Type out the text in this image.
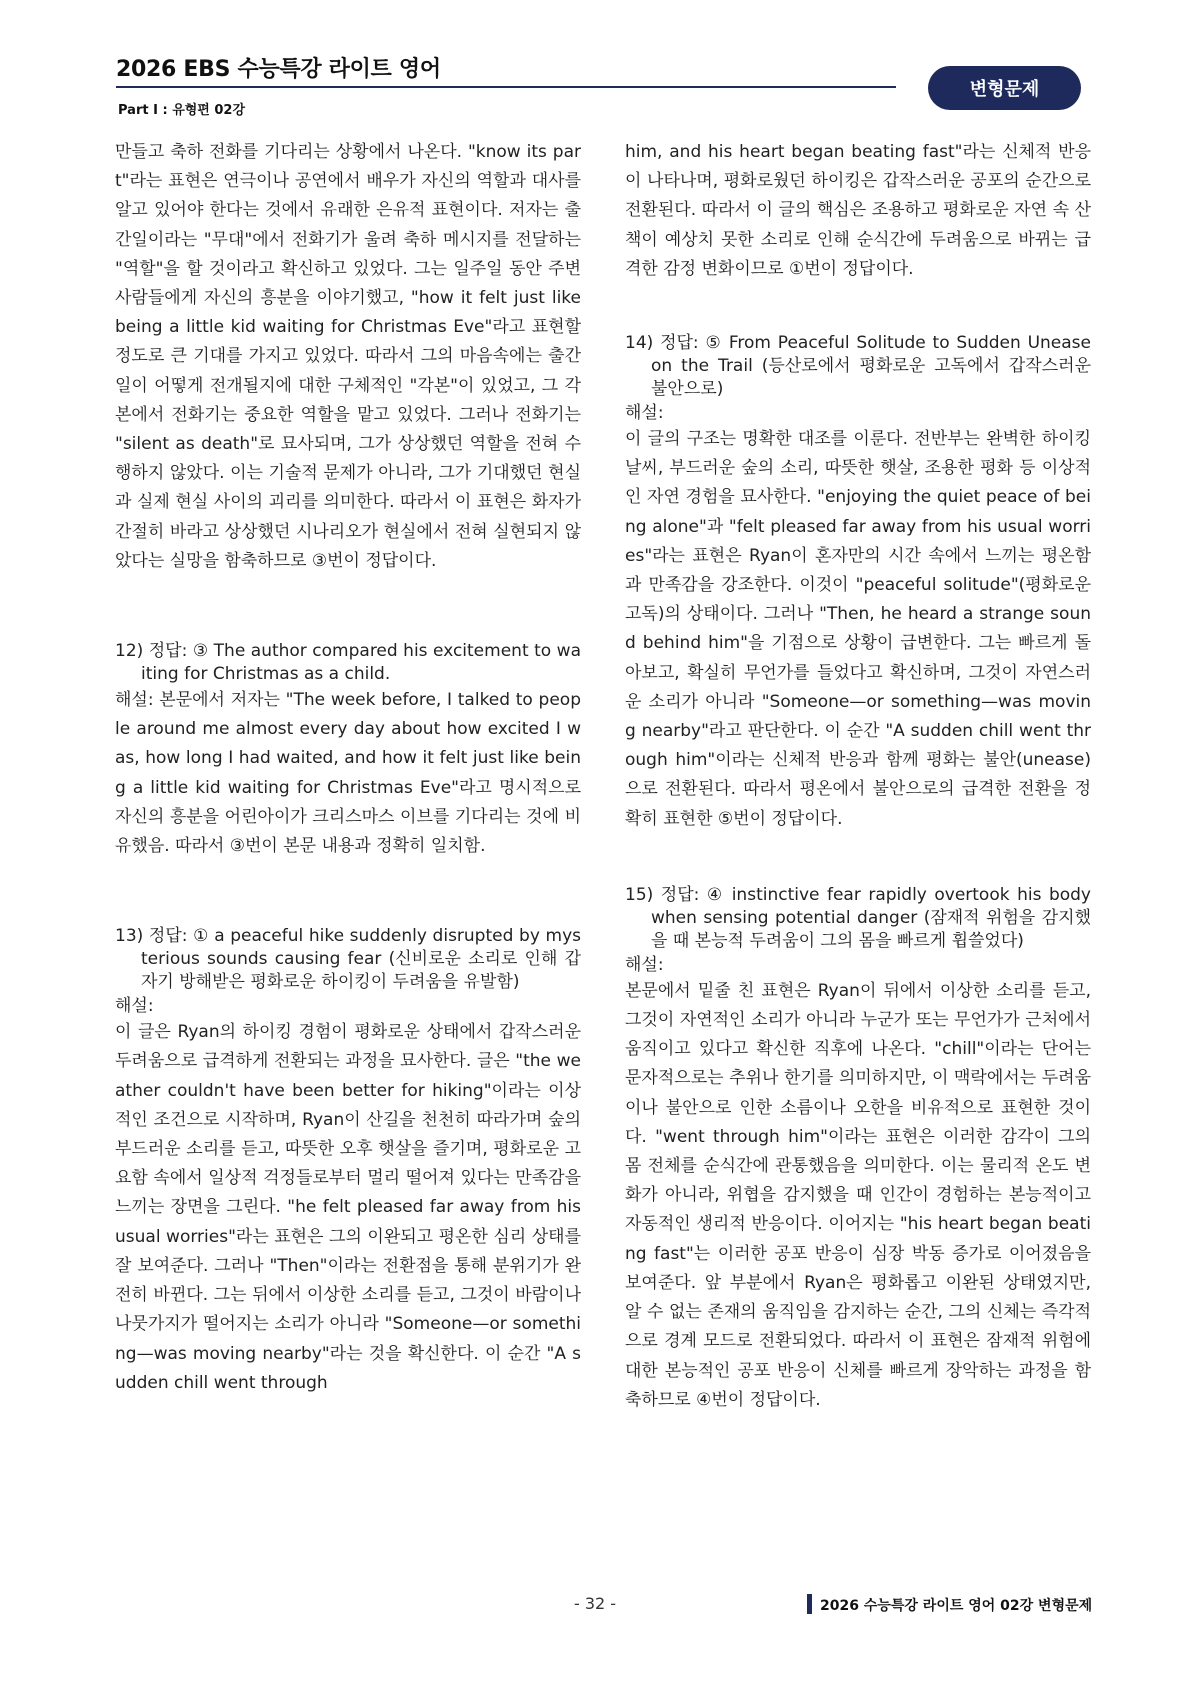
2026 EBS 수능특강 라이트 영어
Part Ⅰ : 유형편 02강
변형문제

만들고 축하 전화를 기다리는 상황에서 나온다. "know its part"라는 표현은 연극이나 공연에서 배우가 자신의 역할과 대사를 알고 있어야 한다는 것에서 유래한 은유적 표현이다. 저자는 출간일이라는 "무대"에서 전화기가 울려 축하 메시지를 전달하는 "역할"을 할 것이라고 확신하고 있었다. 그는 일주일 동안 주변 사람들에게 자신의 흥분을 이야기했고, "how it felt just like being a little kid waiting for Christmas Eve"라고 표현할 정도로 큰 기대를 가지고 있었다. 따라서 그의 마음속에는 출간일이 어떻게 전개될지에 대한 구체적인 "각본"이 있었고, 그 각본에서 전화기는 중요한 역할을 맡고 있었다. 그러나 전화기는 "silent as death"로 묘사되며, 그가 상상했던 역할을 전혀 수행하지 않았다. 이는 기술적 문제가 아니라, 그가 기대했던 현실과 실제 현실 사이의 괴리를 의미한다. 따라서 이 표현은 화자가 간절히 바라고 상상했던 시나리오가 현실에서 전혀 실현되지 않았다는 실망을 함축하므로 ③번이 정답이다.

12) 정답: ③ The author compared his excitement to waiting for Christmas as a child.

해설: 본문에서 저자는 "The week before, I talked to people around me almost every day about how excited I was, how long I had waited, and how it felt just like being a little kid waiting for Christmas Eve"라고 명시적으로 자신의 흥분을 어린아이가 크리스마스 이브를 기다리는 것에 비유했음. 따라서 ③번이 본문 내용과 정확히 일치함.

13) 정답: ① a peaceful hike suddenly disrupted by mysterious sounds causing fear (신비로운 소리로 인해 갑자기 방해받은 평화로운 하이킹이 두려움을 유발함)

해설:

이 글은 Ryan의 하이킹 경험이 평화로운 상태에서 갑작스러운 두려움으로 급격하게 전환되는 과정을 묘사한다. 글은 "the weather couldn't have been better for hiking"이라는 이상적인 조건으로 시작하며, Ryan이 산길을 천천히 따라가며 숲의 부드러운 소리를 듣고, 따뜻한 오후 햇살을 즐기며, 평화로운 고요함 속에서 일상적 걱정들로부터 멀리 떨어져 있다는 만족감을 느끼는 장면을 그린다. "he felt pleased far away from his usual worries"라는 표현은 그의 이완되고 평온한 심리 상태를 잘 보여준다. 그러나 "Then"이라는 전환점을 통해 분위기가 완전히 바뀐다. 그는 뒤에서 이상한 소리를 듣고, 그것이 바람이나 나뭇가지가 떨어지는 소리가 아니라 "Someone—or something—was moving nearby"라는 것을 확신한다. 이 순간 "A sudden chill went through

him, and his heart began beating fast"라는 신체적 반응이 나타나며, 평화로웠던 하이킹은 갑작스러운 공포의 순간으로 전환된다. 따라서 이 글의 핵심은 조용하고 평화로운 자연 속 산책이 예상치 못한 소리로 인해 순식간에 두려움으로 바뀌는 급격한 감정 변화이므로 ①번이 정답이다.

14) 정답: ⑤ From Peaceful Solitude to Sudden Unease on the Trail (등산로에서 평화로운 고독에서 갑작스러운 불안으로)

해설:

이 글의 구조는 명확한 대조를 이룬다. 전반부는 완벽한 하이킹 날씨, 부드러운 숲의 소리, 따뜻한 햇살, 조용한 평화 등 이상적인 자연 경험을 묘사한다. "enjoying the quiet peace of being alone"과 "felt pleased far away from his usual worries"라는 표현은 Ryan이 혼자만의 시간 속에서 느끼는 평온함과 만족감을 강조한다. 이것이 "peaceful solitude"(평화로운 고독)의 상태이다. 그러나 "Then, he heard a strange sound behind him"을 기점으로 상황이 급변한다. 그는 빠르게 돌아보고, 확실히 무언가를 들었다고 확신하며, 그것이 자연스러운 소리가 아니라 "Someone—or something—was moving nearby"라고 판단한다. 이 순간 "A sudden chill went through him"이라는 신체적 반응과 함께 평화는 불안(unease)으로 전환된다. 따라서 평온에서 불안으로의 급격한 전환을 정확히 표현한 ⑤번이 정답이다.

15) 정답: ④ instinctive fear rapidly overtook his body when sensing potential danger (잠재적 위험을 감지했을 때 본능적 두려움이 그의 몸을 빠르게 휩쓸었다)

해설:

본문에서 밑줄 친 표현은 Ryan이 뒤에서 이상한 소리를 듣고, 그것이 자연적인 소리가 아니라 누군가 또는 무언가가 근처에서 움직이고 있다고 확신한 직후에 나온다. "chill"이라는 단어는 문자적으로는 추위나 한기를 의미하지만, 이 맥락에서는 두려움이나 불안으로 인한 소름이나 오한을 비유적으로 표현한 것이다. "went through him"이라는 표현은 이러한 감각이 그의 몸 전체를 순식간에 관통했음을 의미한다. 이는 물리적 온도 변화가 아니라, 위협을 감지했을 때 인간이 경험하는 본능적이고 자동적인 생리적 반응이다. 이어지는 "his heart began beating fast"는 이러한 공포 반응이 심장 박동 증가로 이어졌음을 보여준다. 앞 부분에서 Ryan은 평화롭고 이완된 상태였지만, 알 수 없는 존재의 움직임을 감지하는 순간, 그의 신체는 즉각적으로 경계 모드로 전환되었다. 따라서 이 표현은 잠재적 위험에 대한 본능적인 공포 반응이 신체를 빠르게 장악하는 과정을 함축하므로 ④번이 정답이다.

- 32 -	2026 수능특강 라이트 영어 02강 변형문제
